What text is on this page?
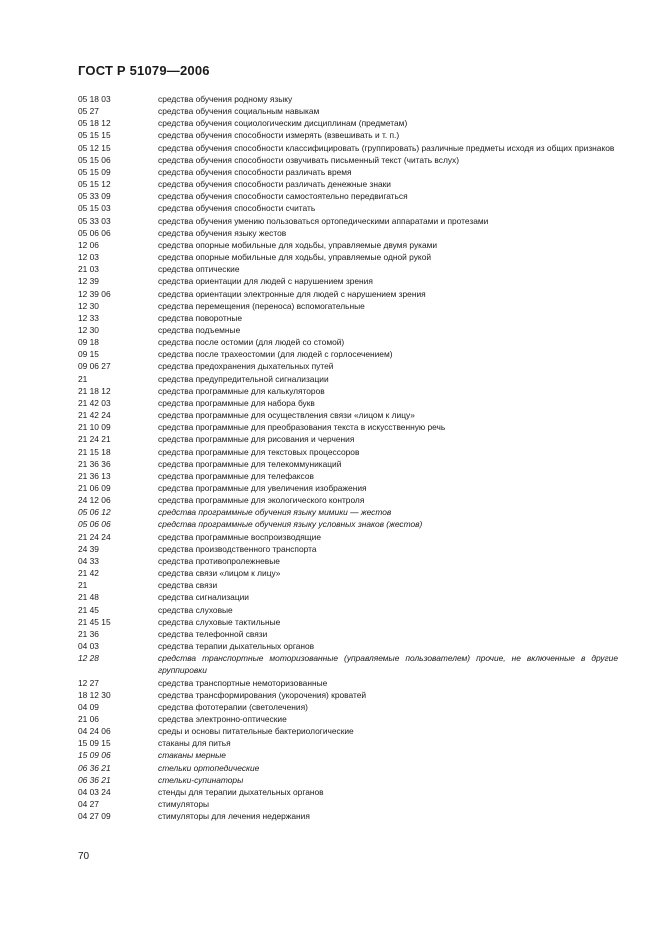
ГОСТ Р 51079—2006
05 18 03	средства обучения родному языку
05 27	средства обучения социальным навыкам
05 18 12	средства обучения социологическим дисциплинам (предметам)
05 15 15	средства обучения способности измерять (взвешивать и т. п.)
05 12 15	средства обучения способности классифицировать (группировать) различные предметы исходя из общих признаков
05 15 06	средства обучения способности озвучивать письменный текст (читать вслух)
05 15 09	средства обучения способности различать время
05 15 12	средства обучения способности различать денежные знаки
05 33 09	средства обучения способности самостоятельно передвигаться
05 15 03	средства обучения способности считать
05 33 03	средства обучения умению пользоваться ортопедическими аппаратами и протезами
05 06 06	средства обучения языку жестов
12 06	средства опорные мобильные для ходьбы, управляемые двумя руками
12 03	средства опорные мобильные для ходьбы, управляемые одной рукой
21 03	средства оптические
12 39	средства ориентации для людей с нарушением зрения
12 39 06	средства ориентации электронные для людей с нарушением зрения
12 30	средства перемещения (переноса) вспомогательные
12 33	средства поворотные
12 30	средства подъемные
09 18	средства после остомии (для людей со стомой)
09 15	средства после трахеостомии (для людей с горлосечением)
09 06 27	средства предохранения дыхательных путей
21	средства предупредительной сигнализации
21 18 12	средства программные для калькуляторов
21 42 03	средства программные для набора букв
21 42 24	средства программные для осуществления связи «лицом к лицу»
21 10 09	средства программные для преобразования текста в искусственную речь
21 24 21	средства программные для рисования и черчения
21 15 18	средства программные для текстовых процессоров
21 36 36	средства программные для телекоммуникаций
21 36 13	средства программные для телефаксов
21 06 09	средства программные для увеличения изображения
24 12 06	средства программные для экологического контроля
05 06 12	средства программные обучения языку мимики — жестов
05 06 06	средства программные обучения языку условных знаков (жестов)
21 24 24	средства программные воспроизводящие
24 39	средства производственного транспорта
04 33	средства противопролежневые
21 42	средства связи «лицом к лицу»
21	средства связи
21 48	средства сигнализации
21 45	средства слуховые
21 45 15	средства слуховые тактильные
21 36	средства телефонной связи
04 03	средства терапии дыхательных органов
12 28	средства транспортные моторизованные (управляемые пользователем) прочие, не включенные в другие группировки
12 27	средства транспортные немоторизованные
18 12 30	средства трансформирования (укорочения) кроватей
04 09	средства фототерапии (светолечения)
21 06	средства электронно-оптические
04 24 06	среды и основы питательные бактериологические
15 09 15	стаканы для питья
15 09 06	стаканы мерные
06 36 21	стельки ортопедические
06 36 21	стельки-супинаторы
04 03 24	стенды для терапии дыхательных органов
04 27	стимуляторы
04 27 09	стимуляторы для лечения недержания
70
